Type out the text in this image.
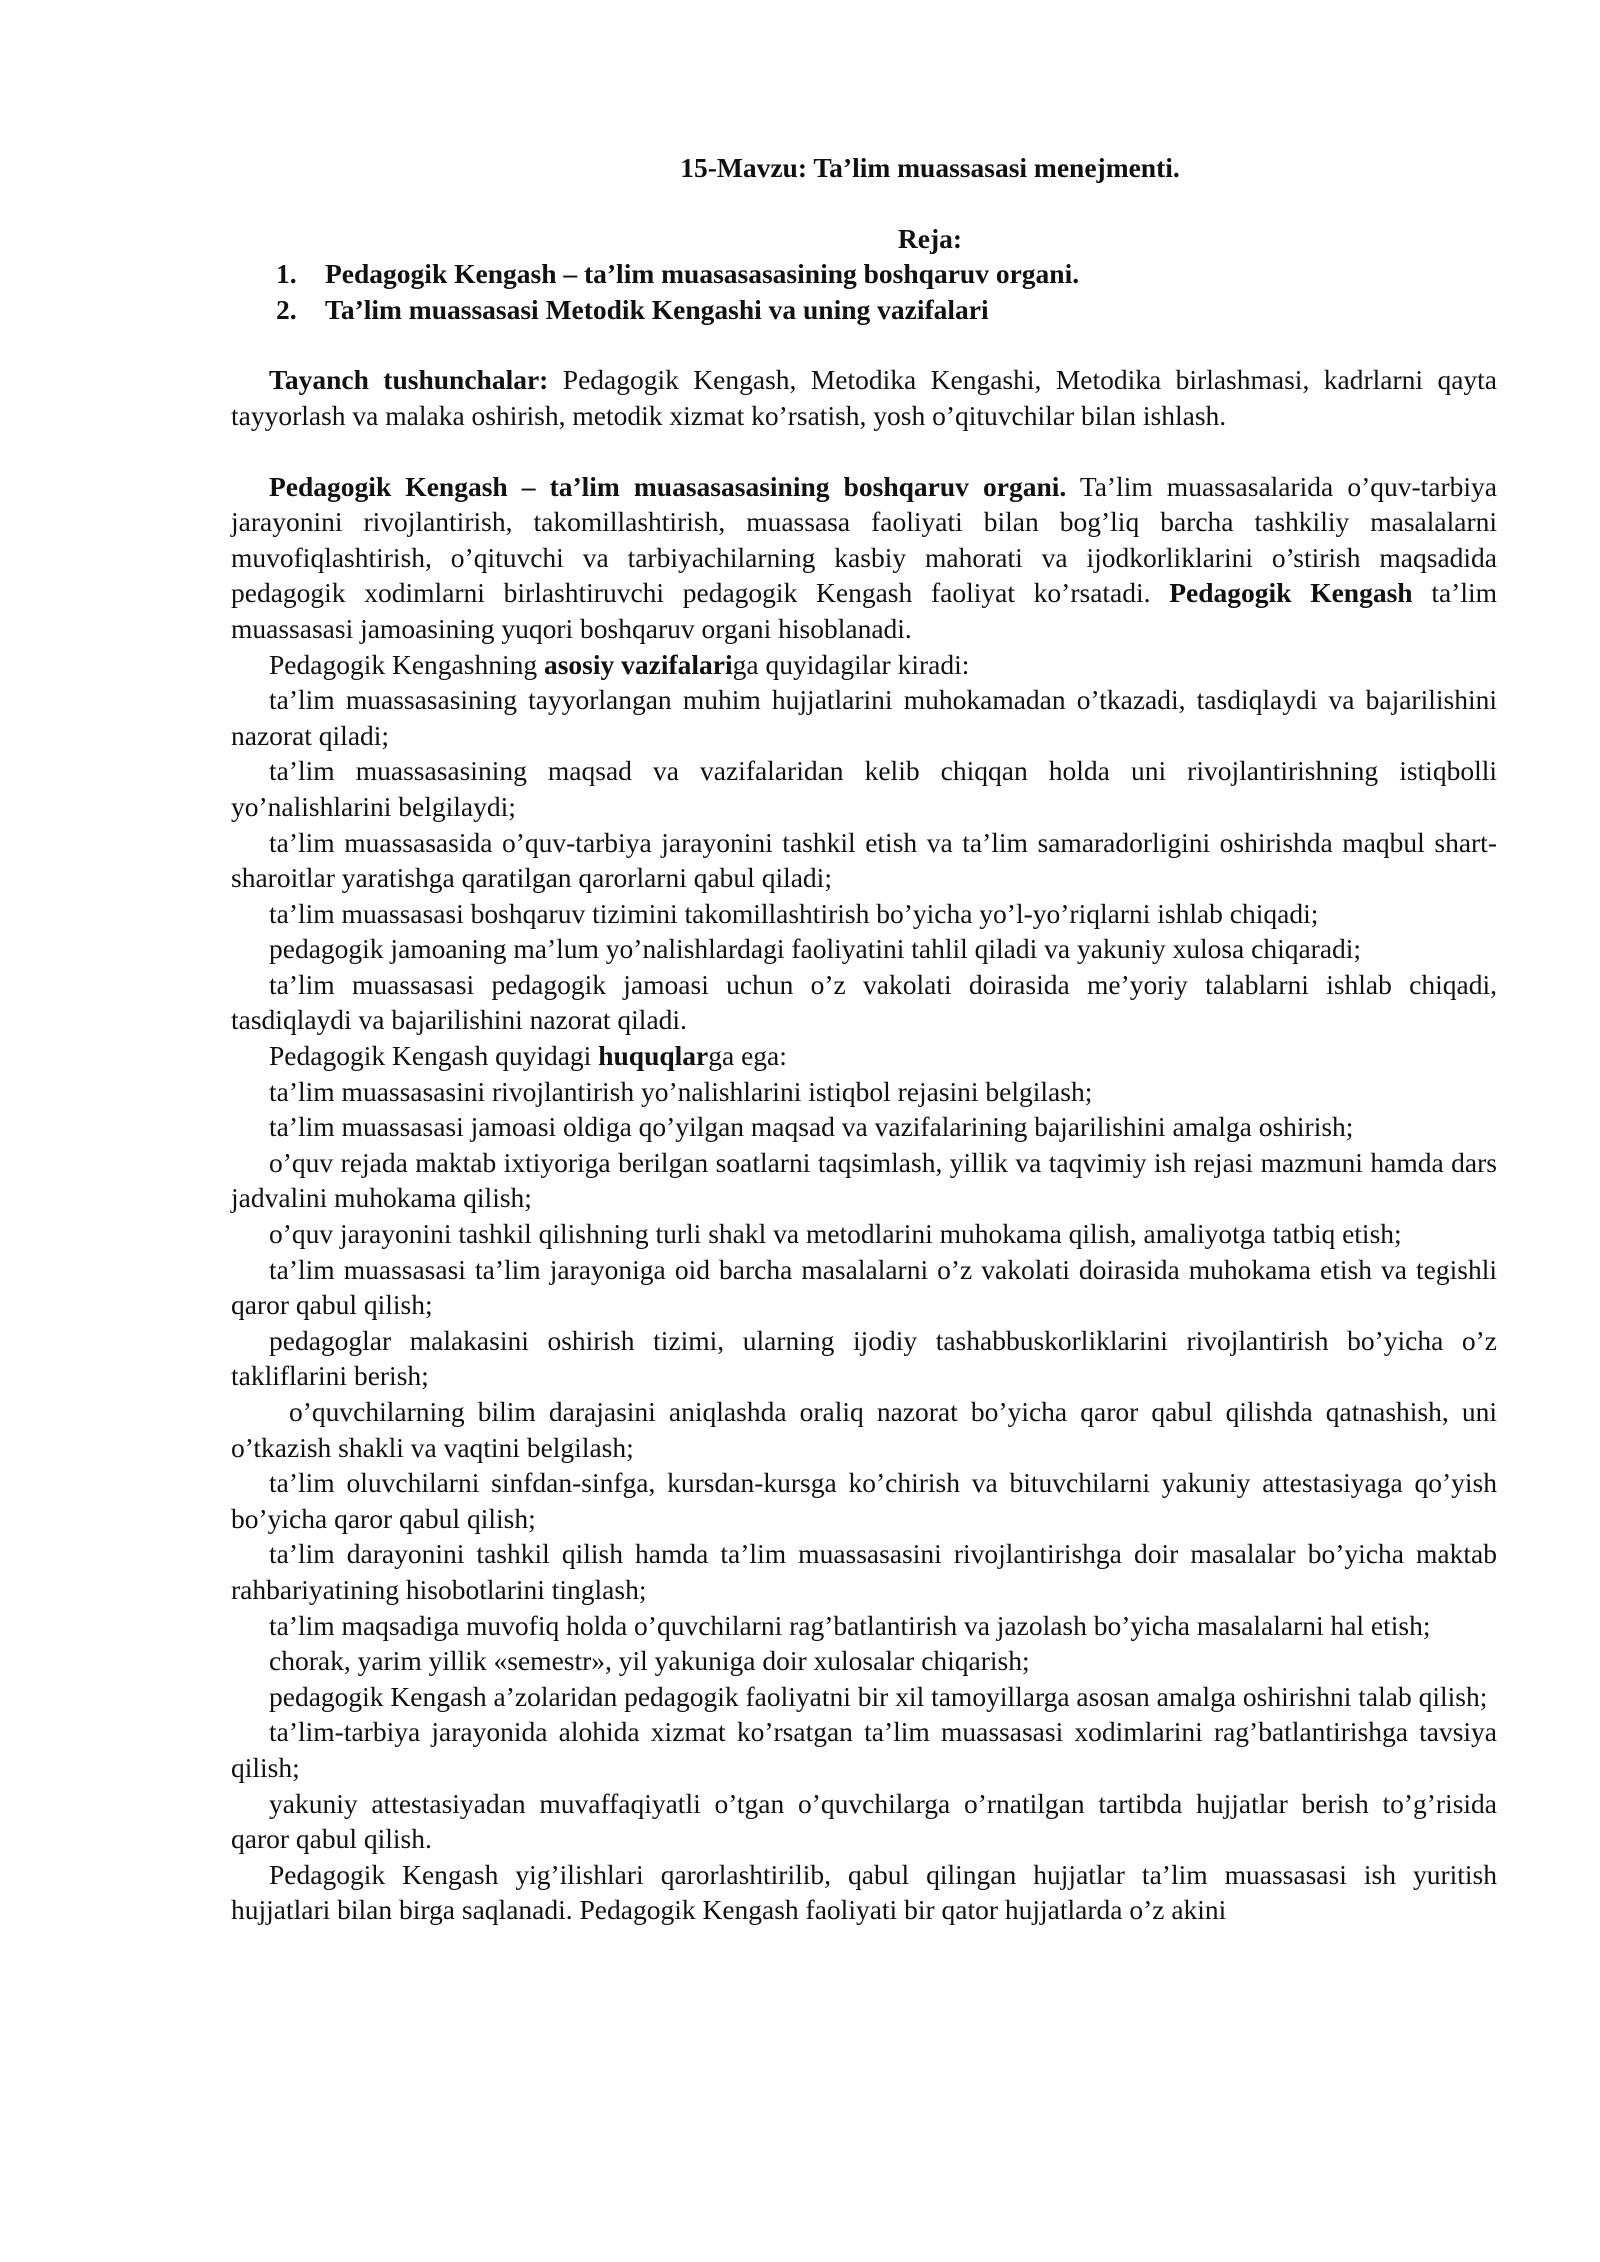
15-Mavzu: Ta’lim muassasasi menejmenti.
Reja:
1.	Pedagogik Kengash – ta’lim muasasasasining boshqaruv organi.
2.	Ta’lim muassasasi Metodik Kengashi va uning vazifalari

Tayanch tushunchalar: Pedagogik Kengash, Metodika Kengashi, Metodika birlashmasi, kadrlarni qayta tayyorlash va malaka oshirish, metodik xizmat ko’rsatish, yosh o’qituvchilar bilan ishlash.

Pedagogik Kengash – ta’lim muasasasasining boshqaruv organi. Ta’lim muassasalarida o’quv-tarbiya jarayonini rivojlantirish, takomillashtirish, muassasa faoliyati bilan bog’liq barcha tashkiliy masalalarni muvofiqlashtirish, o’qituvchi va tarbiyachilarning kasbiy mahorati va ijodkorliklarini o’stirish maqsadida pedagogik xodimlarni birlashtiruvchi pedagogik Kengash faoliyat ko’rsatadi. Pedagogik Kengash ta’lim muassasasi jamoasining yuqori boshqaruv organi hisoblanadi.

Pedagogik Kengashning asosiy vazifalariga quyidagilar kiradi:

ta’lim muassasasining tayyorlangan muhim hujjatlarini muhokamadan o’tkazadi, tasdiqlaydi va bajarilishini nazorat qiladi;

ta’lim muassasasining maqsad va vazifalaridan kelib chiqqan holda uni rivojlantirishning istiqbolli yo’nalishlarini belgilaydi;

ta’lim muassasasida o’quv-tarbiya jarayonini tashkil etish va ta’lim samaradorligini oshirishda maqbul shart-sharoitlar yaratishga qaratilgan qarorlarni qabul qiladi;

ta’lim muassasasi boshqaruv tizimini takomillashtirish bo’yicha yo’l-yo’riqlarni ishlab chiqadi;

pedagogik jamoaning ma’lum yo’nalishlardagi faoliyatini tahlil qiladi va yakuniy xulosa chiqaradi;

ta’lim muassasasi pedagogik jamoasi uchun o’z vakolati doirasida me’yoriy talablarni ishlab chiqadi, tasdiqlaydi va bajarilishini nazorat qiladi.

Pedagogik Kengash quyidagi huquqlarga ega:

ta’lim muassasasini rivojlantirish yo’nalishlarini istiqbol rejasini belgilash;

ta’lim muassasasi jamoasi oldiga qo’yilgan maqsad va vazifalarining bajarilishini amalga oshirish;

o’quv rejada maktab ixtiyoriga berilgan soatlarni taqsimlash, yillik va taqvimiy ish rejasi mazmuni hamda dars jadvalini muhokama qilish;

o’quv jarayonini tashkil qilishning turli shakl va metodlarini muhokama qilish, amaliyotga tatbiq etish;

ta’lim muassasasi ta’lim jarayoniga oid barcha masalalarni o’z vakolati doirasida muhokama etish va tegishli qaror qabul qilish;

pedagoglar malakasini oshirish tizimi, ularning ijodiy tashabbuskorliklarini rivojlantirish bo’yicha o’z takliflarini berish;

o’quvchilarning bilim darajasini aniqlashda oraliq nazorat bo’yicha qaror qabul qilishda qatnashish, uni o’tkazish shakli va vaqtini belgilash;

ta’lim oluvchilarni sinfdan-sinfga, kursdan-kursga ko’chirish va bituvchilarni yakuniy attestasiyaga qo’yish bo’yicha qaror qabul qilish;

ta’lim darayonini tashkil qilish hamda ta’lim muassasasini rivojlantirishga doir masalalar bo’yicha maktab rahbariyatining hisobotlarini tinglash;

ta’lim maqsadiga muvofiq holda o’quvchilarni rag’batlantirish va jazolash bo’yicha masalalarni hal etish;

chorak, yarim yillik «semestr», yil yakuniga doir xulosalar chiqarish;

pedagogik Kengash a’zolaridan pedagogik faoliyatni bir xil tamoyillarga asosan amalga oshirishni talab qilish;

ta’lim-tarbiya jarayonida alohida xizmat ko’rsatgan ta’lim muassasasi xodimlarini rag’batlantirishga tavsiya qilish;

yakuniy attestasiyadan muvaffaqiyatli o’tgan o’quvchilarga o’rnatilgan tartibda hujjatlar berish to’g’risida qaror qabul qilish.

Pedagogik Kengash yig’ilishlari qarorlashtirilib, qabul qilingan hujjatlar ta’lim muassasasi ish yuritish hujjatlari bilan birga saqlanadi. Pedagogik Kengash faoliyati bir qator hujjatlarda o’z akini
